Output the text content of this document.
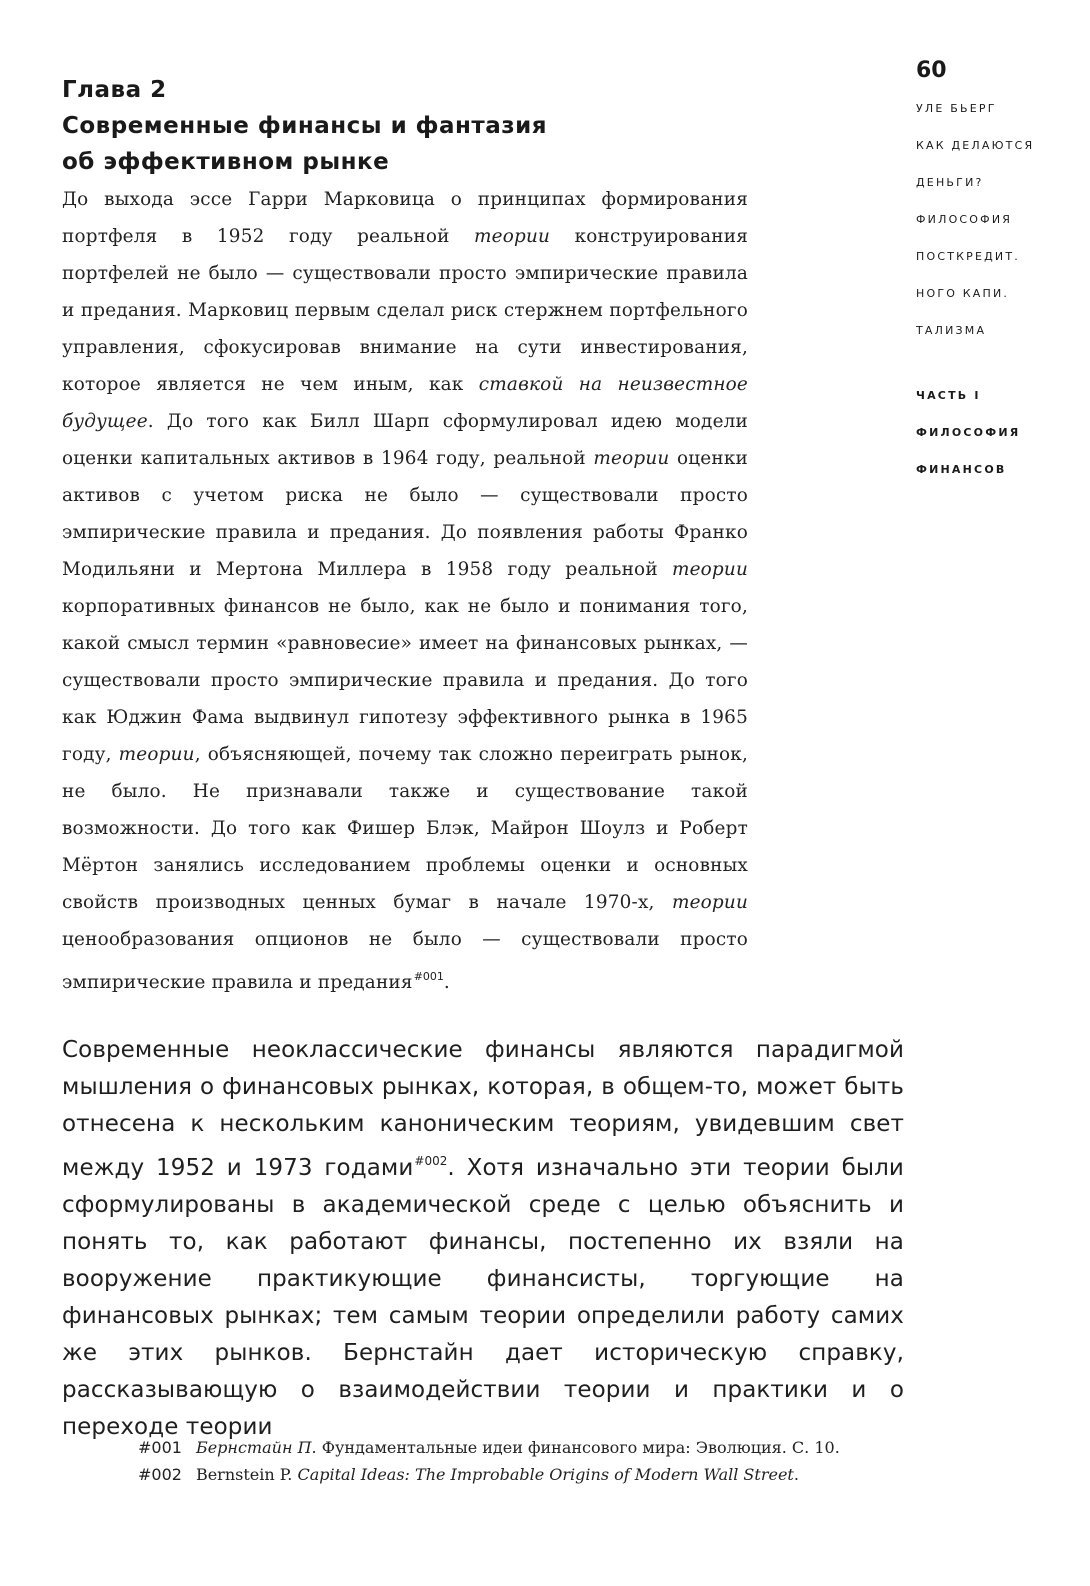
60
УЛЕ БЬЕРГ
КАК ДЕЛАЮТСЯ
ДЕНЬГИ?
ФИЛОСОФИЯ
ПОСТКРЕДИТ.
НОГО КАПИ.
ТАЛИЗМА
ЧАСТЬ I
ФИЛОСОФИЯ
ФИНАНСОВ
Глава 2
Современные финансы и фантазия
об эффективном рынке
До выхода эссе Гарри Марковица о принципах формирования портфеля в 1952 году реальной теории конструирования портфелей не было — существовали просто эмпирические правила и предания. Марковиц первым сделал риск стержнем портфельного управления, сфокусировав внимание на сути инвестирования, которое является не чем иным, как ставкой на неизвестное будущее. До того как Билл Шарп сформулировал идею модели оценки капитальных активов в 1964 году, реальной теории оценки активов с учетом риска не было — существовали просто эмпирические правила и предания. До появления работы Франко Модильяни и Мертона Миллера в 1958 году реальной теории корпоративных финансов не было, как не было и понимания того, какой смысл термин «равновесие» имеет на финансовых рынках, — существовали просто эмпирические правила и предания. До того как Юджин Фама выдвинул гипотезу эффективного рынка в 1965 году, теории, объясняющей, почему так сложно переиграть рынок, не было. Не признавали также и существование такой возможности. До того как Фишер Блэк, Майрон Шоулз и Роберт Мёртон занялись исследованием проблемы оценки и основных свойств производных ценных бумаг в начале 1970-х, теории ценообразования опционов не было — существовали просто эмпирические правила и предания$^{\#001}$.
Современные неоклассические финансы являются парадигмой мышления о финансовых рынках, которая, в общем-то, может быть отнесена к нескольким каноническим теориям, увидевшим свет между 1952 и 1973 годами$^{\#002}$. Хотя изначально эти теории были сформулированы в академической среде с целью объяснить и понять то, как работают финансы, постепенно их взяли на вооружение практикующие финансисты, торгующие на финансовых рынках; тем самым теории определили работу самих же этих рынков. Бернстайн дает историческую справку, рассказывающую о взаимодействии теории и практики и о переходе теории
#001 Бернстайн П. Фундаментальные идеи финансового мира: Эволюция. С. 10.
#002 Bernstein P. Capital Ideas: The Improbable Origins of Modern Wall Street.
